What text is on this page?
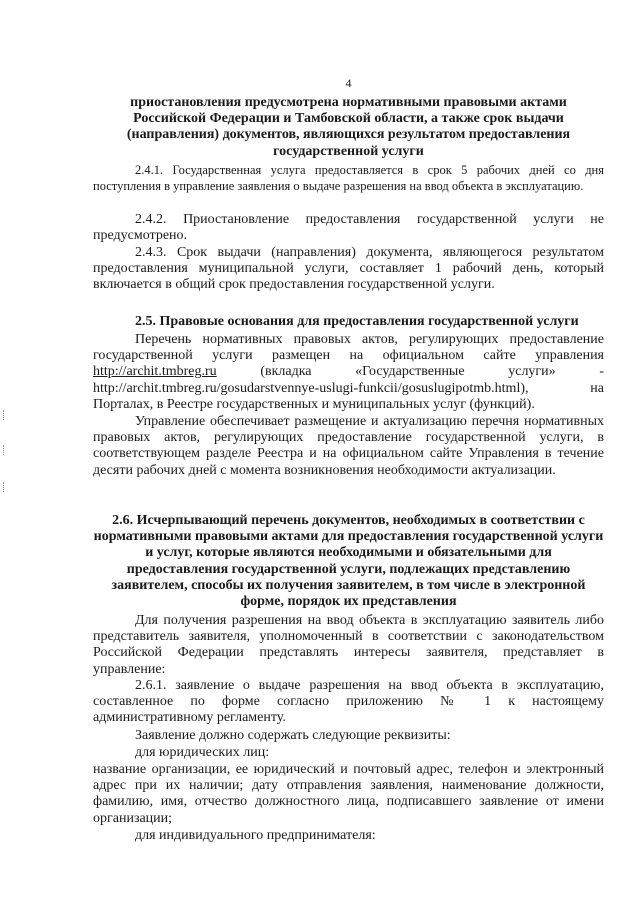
4
приостановления предусмотрена нормативными правовыми актами Российской Федерации и Тамбовской области, а также срок выдачи (направления) документов, являющихся результатом предоставления государственной услуги
2.4.1. Государственная услуга предоставляется в срок 5 рабочих дней со дня поступления в управление заявления о выдаче разрешения на ввод объекта в эксплуатацию.
2.4.2. Приостановление предоставления государственной услуги не предусмотрено.
2.4.3. Срок выдачи (направления) документа, являющегося результатом предоставления муниципальной услуги, составляет 1 рабочий день, который включается в общий срок предоставления государственной услуги.
2.5. Правовые основания для предоставления государственной услуги
Перечень нормативных правовых актов, регулирующих предоставление государственной услуги размещен на официальном сайте управления http://archit.tmbreg.ru	(вкладка «Государственные услуги» - http://archit.tmbreg.ru/gosudarstvennye-uslugi-funkcii/gosuslugipotmb.html), на Порталах, в Реестре государственных и муниципальных услуг (функций).
Управление обеспечивает размещение и актуализацию перечня нормативных правовых актов, регулирующих предоставление государственной услуги, в соответствующем разделе Реестра и на официальном сайте Управления в течение десяти рабочих дней с момента возникновения необходимости актуализации.
2.6. Исчерпывающий перечень документов, необходимых в соответствии с нормативными правовыми актами для предоставления государственной услуги и услуг, которые являются необходимыми и обязательными для предоставления государственной услуги, подлежащих представлению заявителем, способы их получения заявителем, в том числе в электронной форме, порядок их представления
Для получения разрешения на ввод объекта в эксплуатацию заявитель либо представитель заявителя, уполномоченный в соответствии с законодательством Российской Федерации представлять интересы заявителя, представляет в управление:
2.6.1. заявление о выдаче разрешения на ввод объекта в эксплуатацию, составленное по форме согласно приложению № 1 к настоящему административному регламенту.
Заявление должно содержать следующие реквизиты:
для юридических лиц:
название организации, ее юридический и почтовый адрес, телефон и электронный адрес при их наличии; дату отправления заявления, наименование должности, фамилию, имя, отчество должностного лица, подписавшего заявление от имени организации;
для индивидуального предпринимателя:
